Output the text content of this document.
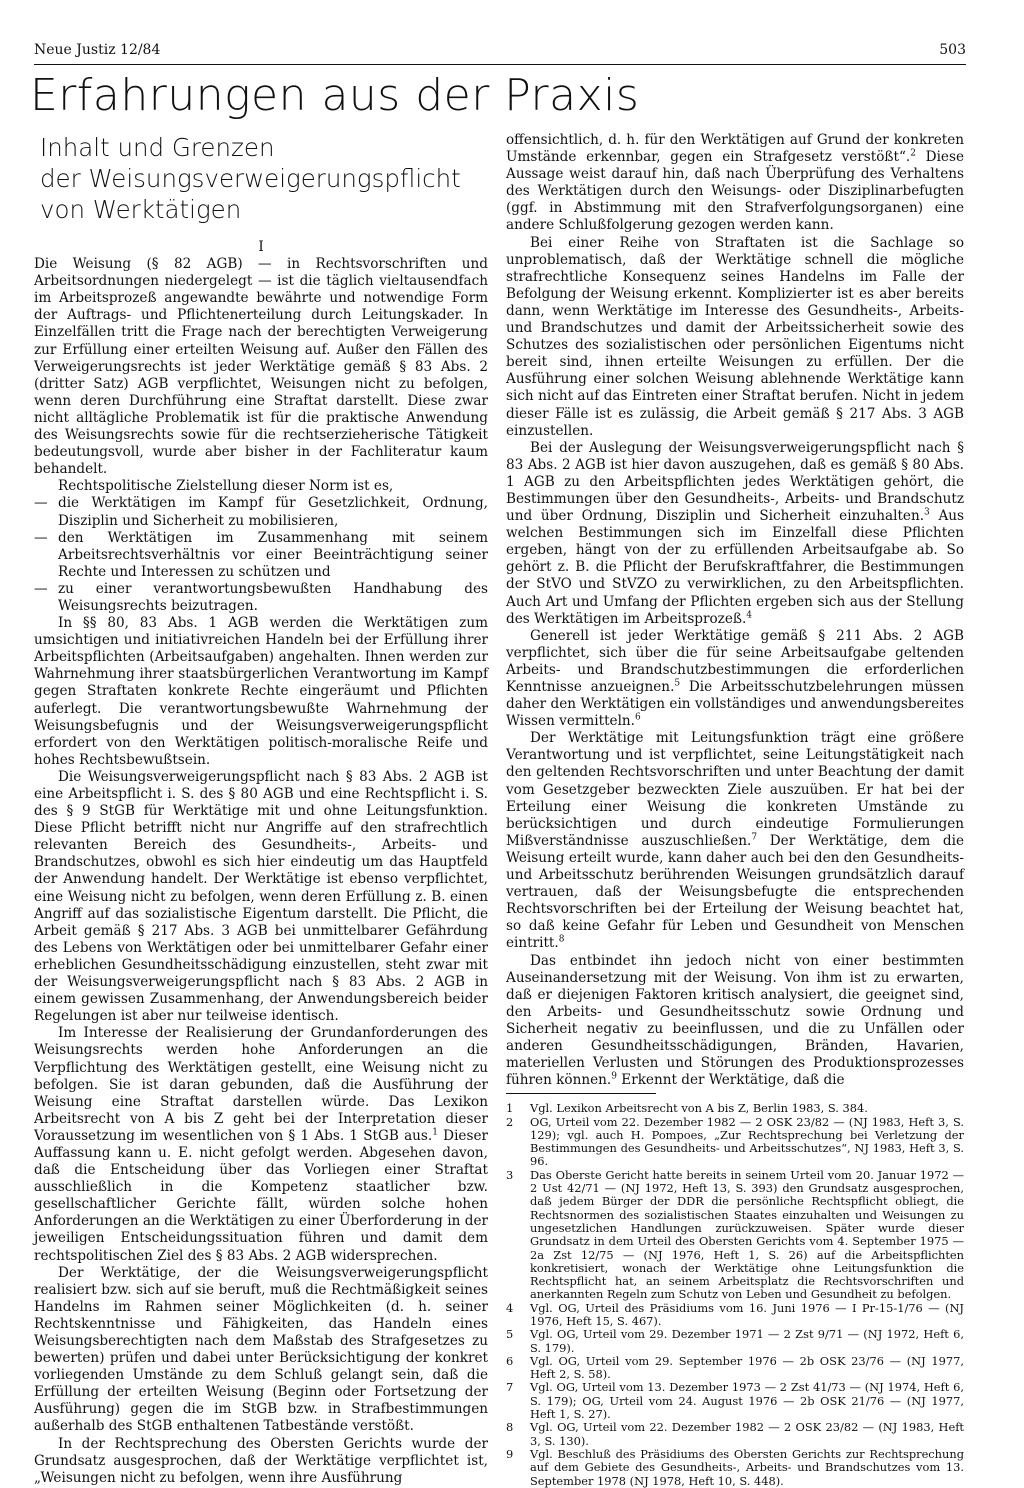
Neue Justiz 12/84	503
Erfahrungen aus der Praxis
Inhalt und Grenzen
der Weisungsverweigerungspflicht
von Werktätigen
I

Die Weisung (§ 82 AGB) — in Rechtsvorschriften und Arbeitsordnungen niedergelegt — ist die täglich vieltausendfach im Arbeitsprozeß angewandte bewährte und notwendige Form der Auftrags- und Pflichtenerteilung durch Leitungskader. In Einzelfällen tritt die Frage nach der berechtigten Verweigerung zur Erfüllung einer erteilten Weisung auf. Außer den Fällen des Verweigerungsrechts ist jeder Werktätige gemäß § 83 Abs. 2 (dritter Satz) AGB verpflichtet, Weisungen nicht zu befolgen, wenn deren Durchführung eine Straftat darstellt. Diese zwar nicht alltägliche Problematik ist für die praktische Anwendung des Weisungsrechts sowie für die rechtserzieherische Tätigkeit bedeutungsvoll, wurde aber bisher in der Fachliteratur kaum behandelt.

Rechtspolitische Zielstellung dieser Norm ist es,

— die Werktätigen im Kampf für Gesetzlichkeit, Ordnung, Disziplin und Sicherheit zu mobilisieren,
— den Werktätigen im Zusammenhang mit seinem Arbeitsrechtsverhältnis vor einer Beeinträchtigung seiner Rechte und Interessen zu schützen und
— zu einer verantwortungsbewußten Handhabung des Weisungsrechts beizutragen.

In §§ 80, 83 Abs. 1 AGB werden die Werktätigen zum umsichtigen und initiativreichen Handeln bei der Erfüllung ihrer Arbeitspflichten (Arbeitsaufgaben) angehalten. Ihnen werden zur Wahrnehmung ihrer staatsbürgerlichen Verantwortung im Kampf gegen Straftaten konkrete Rechte eingeräumt und Pflichten auferlegt. Die verantwortungsbewußte Wahrnehmung der Weisungsbefugnis und der Weisungsverweigerungspflicht erfordert von den Werktätigen politisch-moralische Reife und hohes Rechtsbewußtsein.

Die Weisungsverweigerungspflicht nach § 83 Abs. 2 AGB ist eine Arbeitspflicht i. S. des § 80 AGB und eine Rechtspflicht i. S. des § 9 StGB für Werktätige mit und ohne Leitungsfunktion. Diese Pflicht betrifft nicht nur Angriffe auf den strafrechtlich relevanten Bereich des Gesundheits-, Arbeits- und Brandschutzes, obwohl es sich hier eindeutig um das Hauptfeld der Anwendung handelt. Der Werktätige ist ebenso verpflichtet, eine Weisung nicht zu befolgen, wenn deren Erfüllung z. B. einen Angriff auf das sozialistische Eigentum darstellt. Die Pflicht, die Arbeit gemäß § 217 Abs. 3 AGB bei unmittelbarer Gefährdung des Lebens von Werktätigen oder bei unmittelbarer Gefahr einer erheblichen Gesundheitsschädigung einzustellen, steht zwar mit der Weisungsverweigerungspflicht nach § 83 Abs. 2 AGB in einem gewissen Zusammenhang, der Anwendungsbereich beider Regelungen ist aber nur teilweise identisch.

Im Interesse der Realisierung der Grundanforderungen des Weisungsrechts werden hohe Anforderungen an die Verpflichtung des Werktätigen gestellt, eine Weisung nicht zu befolgen. Sie ist daran gebunden, daß die Ausführung der Weisung eine Straftat darstellen würde. Das Lexikon Arbeitsrecht von A bis Z geht bei der Interpretation dieser Voraussetzung im wesentlichen von § 1 Abs. 1 StGB aus.$^1$ Dieser Auffassung kann u. E. nicht gefolgt werden. Abgesehen davon, daß die Entscheidung über das Vorliegen einer Straftat ausschließlich in die Kompetenz staatlicher bzw. gesellschaftlicher Gerichte fällt, würden solche hohen Anforderungen an die Werktätigen zu einer Überforderung in der jeweiligen Entscheidungssituation führen und damit dem rechtspolitischen Ziel des § 83 Abs. 2 AGB widersprechen.

Der Werktätige, der die Weisungsverweigerungspflicht realisiert bzw. sich auf sie beruft, muß die Rechtmäßigkeit seines Handelns im Rahmen seiner Möglichkeiten (d. h. seiner Rechtskenntnisse und Fähigkeiten, das Handeln eines Weisungsberechtigten nach dem Maßstab des Strafgesetzes zu bewerten) prüfen und dabei unter Berücksichtigung der konkret vorliegenden Umstände zu dem Schluß gelangt sein, daß die Erfüllung der erteilten Weisung (Beginn oder Fortsetzung der Ausführung) gegen die im StGB bzw. in Strafbestimmungen außerhalb des StGB enthaltenen Tatbestände verstößt.

In der Rechtsprechung des Obersten Gerichts wurde der Grundsatz ausgesprochen, daß der Werktätige verpflichtet ist, „Weisungen nicht zu befolgen, wenn ihre Ausführung

offensichtlich, d. h. für den Werktätigen auf Grund der konkreten Umstände erkennbar, gegen ein Strafgesetz verstößt“.$^2$ Diese Aussage weist darauf hin, daß nach Überprüfung des Verhaltens des Werktätigen durch den Weisungs- oder Disziplinarbefugten (ggf. in Abstimmung mit den Strafverfolgungsorganen) eine andere Schlußfolgerung gezogen werden kann.

Bei einer Reihe von Straftaten ist die Sachlage so unproblematisch, daß der Werktätige schnell die mögliche strafrechtliche Konsequenz seines Handelns im Falle der Befolgung der Weisung erkennt. Komplizierter ist es aber bereits dann, wenn Werktätige im Interesse des Gesundheits-, Arbeits- und Brandschutzes und damit der Arbeitssicherheit sowie des Schutzes des sozialistischen oder persönlichen Eigentums nicht bereit sind, ihnen erteilte Weisungen zu erfüllen. Der die Ausführung einer solchen Weisung ablehnende Werktätige kann sich nicht auf das Eintreten einer Straftat berufen. Nicht in jedem dieser Fälle ist es zulässig, die Arbeit gemäß § 217 Abs. 3 AGB einzustellen.

Bei der Auslegung der Weisungsverweigerungspflicht nach § 83 Abs. 2 AGB ist hier davon auszugehen, daß es gemäß § 80 Abs. 1 AGB zu den Arbeitspflichten jedes Werktätigen gehört, die Bestimmungen über den Gesundheits-, Arbeits- und Brandschutz und über Ordnung, Disziplin und Sicherheit einzuhalten.$^3$ Aus welchen Bestimmungen sich im Einzelfall diese Pflichten ergeben, hängt von der zu erfüllenden Arbeitsaufgabe ab. So gehört z. B. die Pflicht der Berufskraftfahrer, die Bestimmungen der StVO und StVZO zu verwirklichen, zu den Arbeitspflichten. Auch Art und Umfang der Pflichten ergeben sich aus der Stellung des Werktätigen im Arbeitsprozeß.$^4$

Generell ist jeder Werktätige gemäß § 211 Abs. 2 AGB verpflichtet, sich über die für seine Arbeitsaufgabe geltenden Arbeits- und Brandschutzbestimmungen die erforderlichen Kenntnisse anzueignen.$^5$ Die Arbeitsschutzbelehrungen müssen daher den Werktätigen ein vollständiges und anwendungsbereites Wissen vermitteln.$^6$

Der Werktätige mit Leitungsfunktion trägt eine größere Verantwortung und ist verpflichtet, seine Leitungstätigkeit nach den geltenden Rechtsvorschriften und unter Beachtung der damit vom Gesetzgeber bezweckten Ziele auszuüben. Er hat bei der Erteilung einer Weisung die konkreten Umstände zu berücksichtigen und durch eindeutige Formulierungen Mißverständnisse auszuschließen.$^7$ Der Werktätige, dem die Weisung erteilt wurde, kann daher auch bei den den Gesundheits- und Arbeitsschutz berührenden Weisungen grundsätzlich darauf vertrauen, daß der Weisungsbefugte die entsprechenden Rechtsvorschriften bei der Erteilung der Weisung beachtet hat, so daß keine Gefahr für Leben und Gesundheit von Menschen eintritt.$^8$

Das entbindet ihn jedoch nicht von einer bestimmten Auseinandersetzung mit der Weisung. Von ihm ist zu erwarten, daß er diejenigen Faktoren kritisch analysiert, die geeignet sind, den Arbeits- und Gesundheitsschutz sowie Ordnung und Sicherheit negativ zu beeinflussen, und die zu Unfällen oder anderen Gesundheitsschädigungen, Bränden, Havarien, materiellen Verlusten und Störungen des Produktionsprozesses führen können.$^9$ Erkennt der Werktätige, daß die

1	Vgl. Lexikon Arbeitsrecht von A bis Z, Berlin 1983, S. 384.
2	OG, Urteil vom 22. Dezember 1982 — 2 OSK 23/82 — (NJ 1983, Heft 3, S. 129); vgl. auch H. Pompoes, „Zur Rechtsprechung bei Verletzung der Bestimmungen des Gesundheits- und Arbeitsschutzes“, NJ 1983, Heft 3, S. 96.
3	Das Oberste Gericht hatte bereits in seinem Urteil vom 20. Januar 1972 — 2 Ust 42/71 — (NJ 1972, Heft 13, S. 393) den Grundsatz ausgesprochen, daß jedem Bürger der DDR die persönliche Rechtspflicht obliegt, die Rechtsnormen des sozialistischen Staates einzuhalten und Weisungen zu ungesetzlichen Handlungen zurückzuweisen. Später wurde dieser Grundsatz in dem Urteil des Obersten Gerichts vom 4. September 1975 — 2a Zst 12/75 — (NJ 1976, Heft 1, S. 26) auf die Arbeitspflichten konkretisiert, wonach der Werktätige ohne Leitungsfunktion die Rechtspflicht hat, an seinem Arbeitsplatz die Rechtsvorschriften und anerkannten Regeln zum Schutz von Leben und Gesundheit zu befolgen.
4	Vgl. OG, Urteil des Präsidiums vom 16. Juni 1976 — I Pr-15-1/76 — (NJ 1976, Heft 15, S. 467).
5	Vgl. OG, Urteil vom 29. Dezember 1971 — 2 Zst 9/71 — (NJ 1972, Heft 6, S. 179).
6	Vgl. OG, Urteil vom 29. September 1976 — 2b OSK 23/76 — (NJ 1977, Heft 2, S. 58).
7	Vgl. OG, Urteil vom 13. Dezember 1973 — 2 Zst 41/73 — (NJ 1974, Heft 6, S. 179); OG, Urteil vom 24. August 1976 — 2b OSK 21/76 — (NJ 1977, Heft 1, S. 27).
8	Vgl. OG, Urteil vom 22. Dezember 1982 — 2 OSK 23/82 — (NJ 1983, Heft 3, S. 130).
9	Vgl. Beschluß des Präsidiums des Obersten Gerichts zur Rechtsprechung auf dem Gebiete des Gesundheits-, Arbeits- und Brandschutzes vom 13. September 1978 (NJ 1978, Heft 10, S. 448).
